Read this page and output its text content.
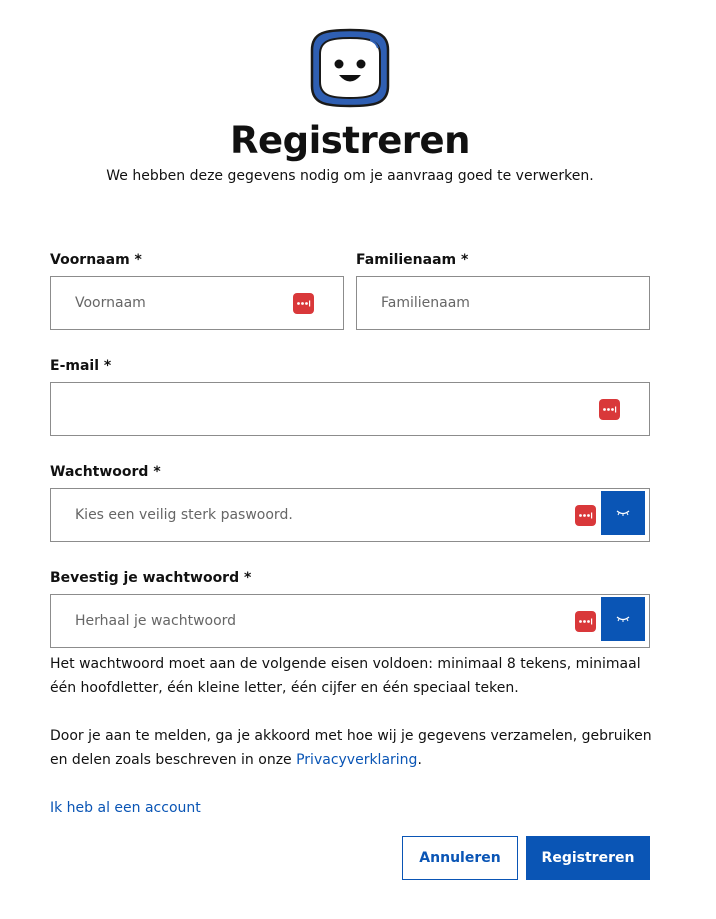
Registreren

We hebben deze gegevens nodig om je aanvraag goed te verwerken.

Voornaam *
Voornaam	Familienaam *
Familienaam
E-mail *
Wachtwoord *
Bevestig je wachtwoord *

Het wachtwoord moet aan de volgende eisen voldoen: minimaal 8 tekens, minimaal één hoofdletter, één kleine letter, één cijfer en één speciaal teken.

Door je aan te melden, ga je akkoord met hoe wij je gegevens verzamelen, gebruiken en delen zoals beschreven in onze Privacyverklaring.

Ik heb al een account
Annuleren	Registreren
